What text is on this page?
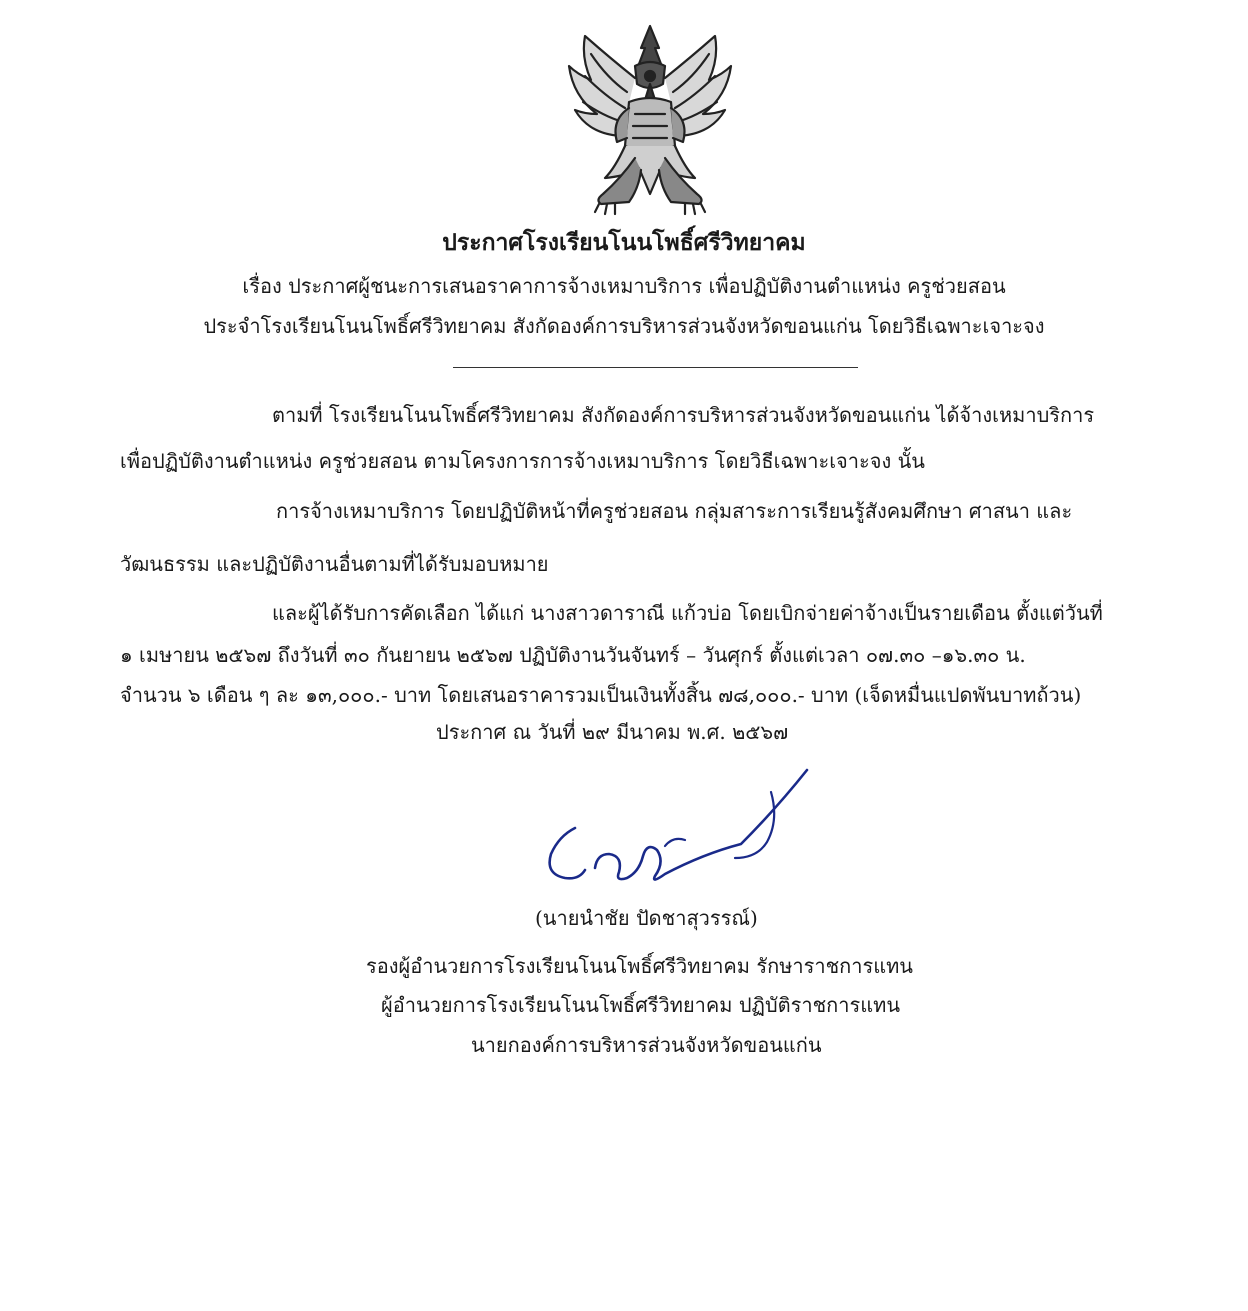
ประกาศโรงเรียนโนนโพธิ์ศรีวิทยาคม
เรื่อง ประกาศผู้ชนะการเสนอราคาการจ้างเหมาบริการ เพื่อปฏิบัติงานตำแหน่ง ครูช่วยสอน
ประจำโรงเรียนโนนโพธิ์ศรีวิทยาคม สังกัดองค์การบริหารส่วนจังหวัดขอนแก่น โดยวิธีเฉพาะเจาะจง
ตามที่ โรงเรียนโนนโพธิ์ศรีวิทยาคม สังกัดองค์การบริหารส่วนจังหวัดขอนแก่น ได้จ้างเหมาบริการ
เพื่อปฏิบัติงานตำแหน่ง ครูช่วยสอน ตามโครงการการจ้างเหมาบริการ โดยวิธีเฉพาะเจาะจง นั้น
การจ้างเหมาบริการ โดยปฏิบัติหน้าที่ครูช่วยสอน กลุ่มสาระการเรียนรู้สังคมศึกษา ศาสนา และ
วัฒนธรรม และปฏิบัติงานอื่นตามที่ได้รับมอบหมาย
และผู้ได้รับการคัดเลือก ได้แก่ นางสาวดาราณี แก้วบ่อ โดยเบิกจ่ายค่าจ้างเป็นรายเดือน ตั้งแต่วันที่
๑ เมษายน ๒๕๖๗ ถึงวันที่ ๓๐ กันยายน ๒๕๖๗ ปฏิบัติงานวันจันทร์ – วันศุกร์ ตั้งแต่เวลา ๐๗.๓๐ –๑๖.๓๐ น.
จำนวน ๖ เดือน ๆ ละ ๑๓,๐๐๐.- บาท โดยเสนอราคารวมเป็นเงินทั้งสิ้น ๗๘,๐๐๐.- บาท (เจ็ดหมื่นแปดพันบาทถ้วน)
ประกาศ ณ วันที่ ๒๙ มีนาคม พ.ศ. ๒๕๖๗
(นายนำชัย ปัดชาสุวรรณ์)
รองผู้อำนวยการโรงเรียนโนนโพธิ์ศรีวิทยาคม รักษาราชการแทน
ผู้อำนวยการโรงเรียนโนนโพธิ์ศรีวิทยาคม ปฏิบัติราชการแทน
นายกองค์การบริหารส่วนจังหวัดขอนแก่น
